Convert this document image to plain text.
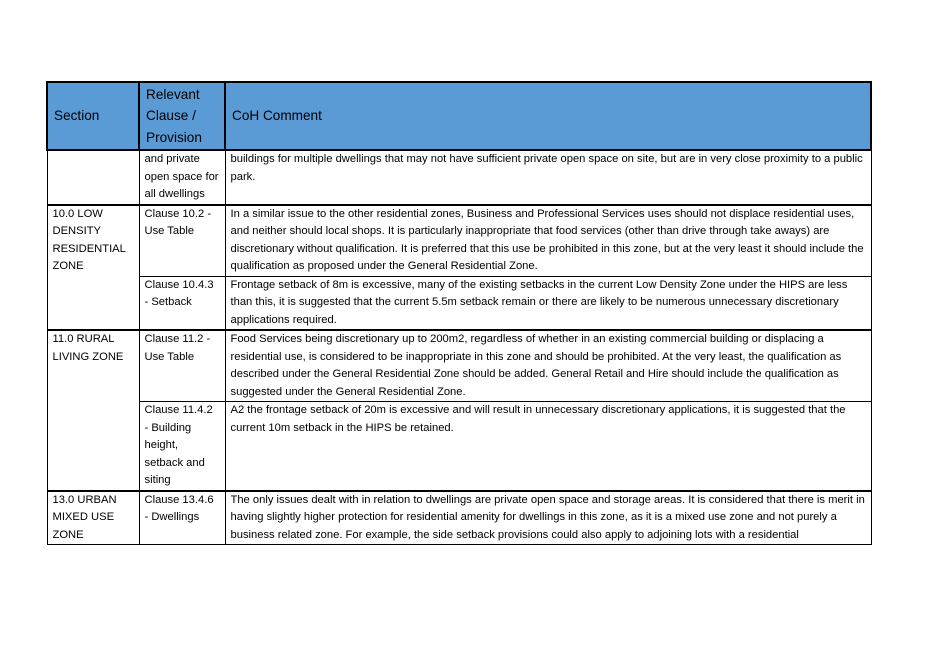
Section	Relevant Clause / Provision	CoH Comment
	and private open space for all dwellings	buildings for multiple dwellings that may not have sufficient private open space on site, but are in very close proximity to a public park.
10.0 LOW DENSITY RESIDENTIAL ZONE	Clause 10.2 - Use Table	In a similar issue to the other residential zones, Business and Professional Services uses should not displace residential uses, and neither should local shops. It is particularly inappropriate that food services (other than drive through take aways) are discretionary without qualification. It is preferred that this use be prohibited in this zone, but at the very least it should include the qualification as proposed under the General Residential Zone.
	Clause 10.4.3 - Setback	Frontage setback of 8m is excessive, many of the existing setbacks in the current Low Density Zone under the HIPS are less than this, it is suggested that the current 5.5m setback remain or there are likely to be numerous unnecessary discretionary applications required.
11.0 RURAL LIVING ZONE	Clause 11.2 - Use Table	Food Services being discretionary up to 200m2, regardless of whether in an existing commercial building or displacing a residential use, is considered to be inappropriate in this zone and should be prohibited. At the very least, the qualification as described under the General Residential Zone should be added. General Retail and Hire should include the qualification as suggested under the General Residential Zone.
	Clause 11.4.2 - Building height, setback and siting	A2 the frontage setback of 20m is excessive and will result in unnecessary discretionary applications, it is suggested that the current 10m setback in the HIPS be retained.

13.0 URBAN MIXED USE ZONE	Clause 13.4.6 - Dwellings	The only issues dealt with in relation to dwellings are private open space and storage areas. It is considered that there is merit in having slightly higher protection for residential amenity for dwellings in this zone, as it is a mixed use zone and not purely a business related zone. For example, the side setback provisions could also apply to adjoining lots with a residential
